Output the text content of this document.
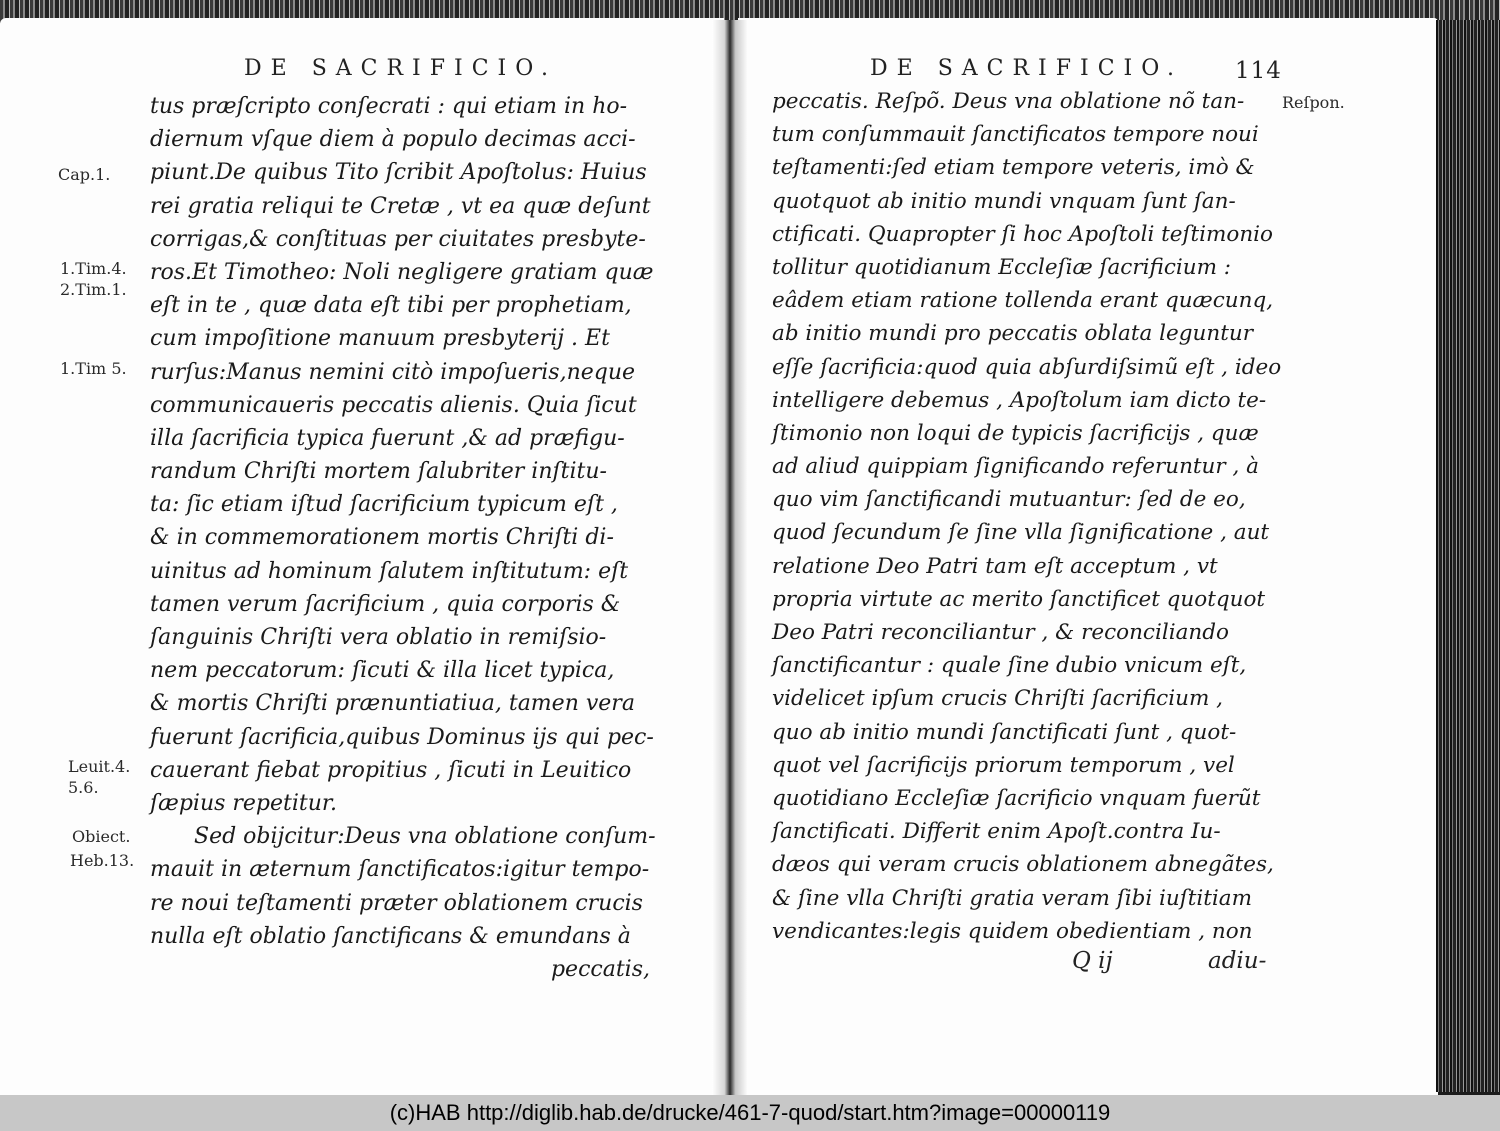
DE SACRIFICIO.
Cap.1.
1.Tim.4.
2.Tim.1.
1.Tim 5.
Leuit.4.
5.6.
Obiect.
Heb.13.
tus præſcripto conſecrati : qui etiam in ho-
diernum vſque diem à populo decimas acci-
piunt.De quibus Tito ſcribit Apoſtolus: Huius
rei gratia reliqui te Cretæ , vt ea quæ deſunt
corrigas,& conſtituas per ciuitates presbyte-
ros.Et Timotheo: Noli negligere gratiam quæ
eſt in te , quæ data eſt tibi per prophetiam,
cum impoſitione manuum presbyterij . Et
rurſus:Manus nemini citò impoſueris,neque
communicaueris peccatis alienis. Quia ſicut
illa ſacrificia typica fuerunt ,& ad præfigu-
randum Chriſti mortem ſalubriter inſtitu-
ta: ſic etiam iſtud ſacrificium typicum eſt ,
& in commemorationem mortis Chriſti di-
uinitus ad hominum ſalutem inſtitutum: eſt
tamen verum ſacrificium , quia corporis &
ſanguinis Chriſti vera oblatio in remiſsio-
nem peccatorum: ſicuti & illa licet typica,
& mortis Chriſti prænuntiatiua, tamen vera
fuerunt ſacrificia,quibus Dominus ijs qui pec-
cauerant fiebat propitius , ſicuti in Leuitico
ſæpius repetitur.
Sed obijcitur:Deus vna oblatione conſum-
mauit in æternum ſanctificatos:igitur tempo-
re noui teſtamenti præter oblationem crucis
nulla eſt oblatio ſanctificans & emundans à
peccatis,
DE SACRIFICIO. 114
Reſpon.
peccatis. Reſpõ. Deus vna oblatione nõ tan-
tum conſummauit ſanctificatos tempore noui
teſtamenti:ſed etiam tempore veteris, imò &
quotquot ab initio mundi vnquam ſunt ſan-
ctificati. Quapropter ſi hoc Apoſtoli teſtimonio
tollitur quotidianum Eccleſiæ ſacrificium :
eâdem etiam ratione tollenda erant quæcunq,
ab initio mundi pro peccatis oblata leguntur
eſſe ſacrificia:quod quia abſurdiſsimũ eſt , ideo
intelligere debemus , Apoſtolum iam dicto te-
ſtimonio non loqui de typicis ſacrificijs , quæ
ad aliud quippiam ſignificando referuntur , à
quo vim ſanctificandi mutuantur: ſed de eo,
quod ſecundum ſe ſine vlla ſignificatione , aut
relatione Deo Patri tam eſt acceptum , vt
propria virtute ac merito ſanctificet quotquot
Deo Patri reconciliantur , & reconciliando
ſanctificantur : quale ſine dubio vnicum eſt,
videlicet ipſum crucis Chriſti ſacrificium ,
quo ab initio mundi ſanctificati ſunt , quot-
quot vel ſacrificijs priorum temporum , vel
quotidiano Eccleſiæ ſacrificio vnquam fuerũt
ſanctificati. Differit enim Apoſt.contra Iu-
dæos qui veram crucis oblationem abnegãtes,
& ſine vlla Chriſti gratia veram ſibi iuſtitiam
vendicantes:legis quidem obedientiam , non
Q ij	adiu-
(c)HAB http://diglib.hab.de/drucke/461-7-quod/start.htm?image=00000119
